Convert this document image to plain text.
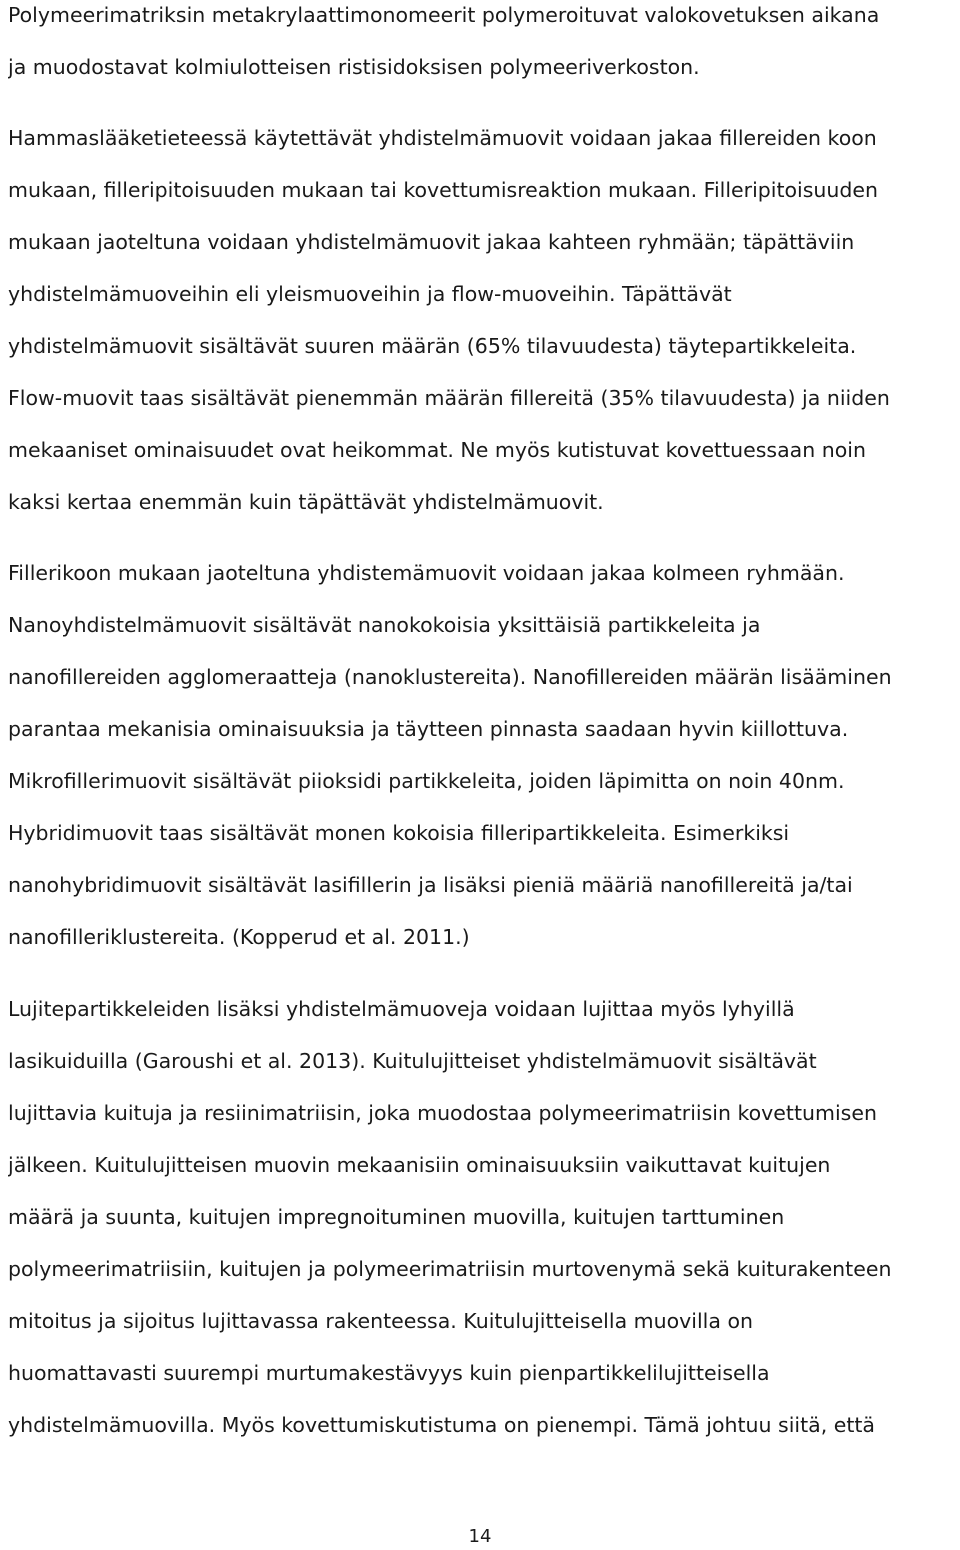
Polymeerimatriksin metakrylaattimonomeerit polymeroituvat valokovetuksen aikana
ja muodostavat kolmiulotteisen ristisidoksisen polymeeriverkoston.
Hammaslääketieteessä käytettävät yhdistelmämuovit voidaan jakaa fillereiden koon
mukaan, filleripitoisuuden mukaan tai kovettumisreaktion mukaan. Filleripitoisuuden
mukaan jaoteltuna voidaan yhdistelmämuovit jakaa kahteen ryhmään; täpättäviin
yhdistelmämuoveihin eli yleismuoveihin ja flow-muoveihin. Täpättävät
yhdistelmämuovit sisältävät suuren määrän (65% tilavuudesta) täytepartikkeleita.
Flow-muovit taas sisältävät pienemmän määrän fillereitä (35% tilavuudesta) ja niiden
mekaaniset ominaisuudet ovat heikommat. Ne myös kutistuvat kovettuessaan noin
kaksi kertaa enemmän kuin täpättävät yhdistelmämuovit.
Fillerikoon mukaan jaoteltuna yhdistemämuovit voidaan jakaa kolmeen ryhmään.
Nanoyhdistelmämuovit sisältävät nanokokoisia yksittäisiä partikkeleita ja
nanofillereiden agglomeraatteja (nanoklustereita). Nanofillereiden määrän lisääminen
parantaa mekanisia ominaisuuksia ja täytteen pinnasta saadaan hyvin kiillottuva.
Mikrofillerimuovit sisältävät piioksidi partikkeleita, joiden läpimitta on noin 40nm.
Hybridimuovit taas sisältävät monen kokoisia filleripartikkeleita. Esimerkiksi
nanohybridimuovit sisältävät lasifillerin ja lisäksi pieniä määriä nanofillereitä ja/tai
nanofilleriklustereita. (Kopperud et al. 2011.)
Lujitepartikkeleiden lisäksi yhdistelmämuoveja voidaan lujittaa myös lyhyillä
lasikuiduilla (Garoushi et al. 2013). Kuitulujitteiset yhdistelmämuovit sisältävät
lujittavia kuituja ja resiinimatriisin, joka muodostaa polymeerimatriisin kovettumisen
jälkeen. Kuitulujitteisen muovin mekaanisiin ominaisuuksiin vaikuttavat kuitujen
määrä ja suunta, kuitujen impregnoituminen muovilla, kuitujen tarttuminen
polymeerimatriisiin, kuitujen ja polymeerimatriisin murtovenymä sekä kuiturakenteen
mitoitus ja sijoitus lujittavassa rakenteessa. Kuitulujitteisella muovilla on
huomattavasti suurempi murtumakestävyys kuin pienpartikkelilujitteisella
yhdistelmämuovilla. Myös kovettumiskutistuma on pienempi. Tämä johtuu siitä, että
14
